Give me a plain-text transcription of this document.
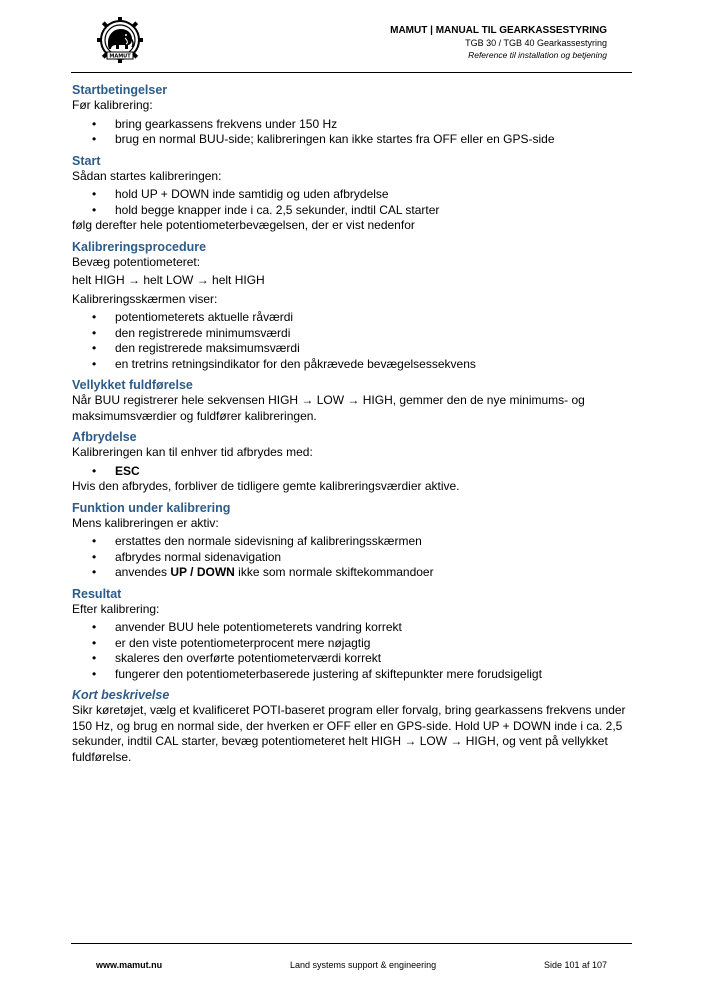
MAMUT
MAMUT | MANUAL TIL GEARKASSESTYRING
TGB 30 / TGB 40 Gearkassestyring
Reference til installation og betjening
Startbetingelser

Før kalibrering:

• bring gearkassens frekvens under 150 Hz
• brug en normal BUU-side; kalibreringen kan ikke startes fra OFF eller en GPS-side
Start

Sådan startes kalibreringen:

• hold UP + DOWN inde samtidig og uden afbrydelse
• hold begge knapper inde i ca. 2,5 sekunder, indtil CAL starter

følg derefter hele potentiometerbevægelsen, der er vist nedenfor

Kalibreringsprocedure

Bevæg potentiometeret:

helt HIGH → helt LOW → helt HIGH

Kalibreringsskærmen viser:

• potentiometerets aktuelle råværdi
• den registrerede minimumsværdi
• den registrerede maksimumsværdi
• en tretrins retningsindikator for den påkrævede bevægelsessekvens
Vellykket fuldførelse

Når BUU registrerer hele sekvensen HIGH → LOW → HIGH, gemmer den de nye minimums- og maksimumsværdier og fuldfører kalibreringen.

Afbrydelse

Kalibreringen kan til enhver tid afbrydes med:

• ESC

Hvis den afbrydes, forbliver de tidligere gemte kalibreringsværdier aktive.

Funktion under kalibrering

Mens kalibreringen er aktiv:

• erstattes den normale sidevisning af kalibreringsskærmen
• afbrydes normal sidenavigation
• anvendes UP / DOWN ikke som normale skiftekommandoer
Resultat

Efter kalibrering:

• anvender BUU hele potentiometerets vandring korrekt
• er den viste potentiometerprocent mere nøjagtig
• skaleres den overførte potentiometerværdi korrekt
• fungerer den potentiometerbaserede justering af skiftepunkter mere forudsigeligt
Kort beskrivelse

Sikr køretøjet, vælg et kvalificeret POTI-baseret program eller forvalg, bring gearkassens frekvens under 150 Hz, og brug en normal side, der hverken er OFF eller en GPS-side. Hold UP + DOWN inde i ca. 2,5 sekunder, indtil CAL starter, bevæg potentiometeret helt HIGH → LOW → HIGH, og vent på vellykket fuldførelse.

www.mamut.nu	Land systems support & engineering	Side 101 af 107
